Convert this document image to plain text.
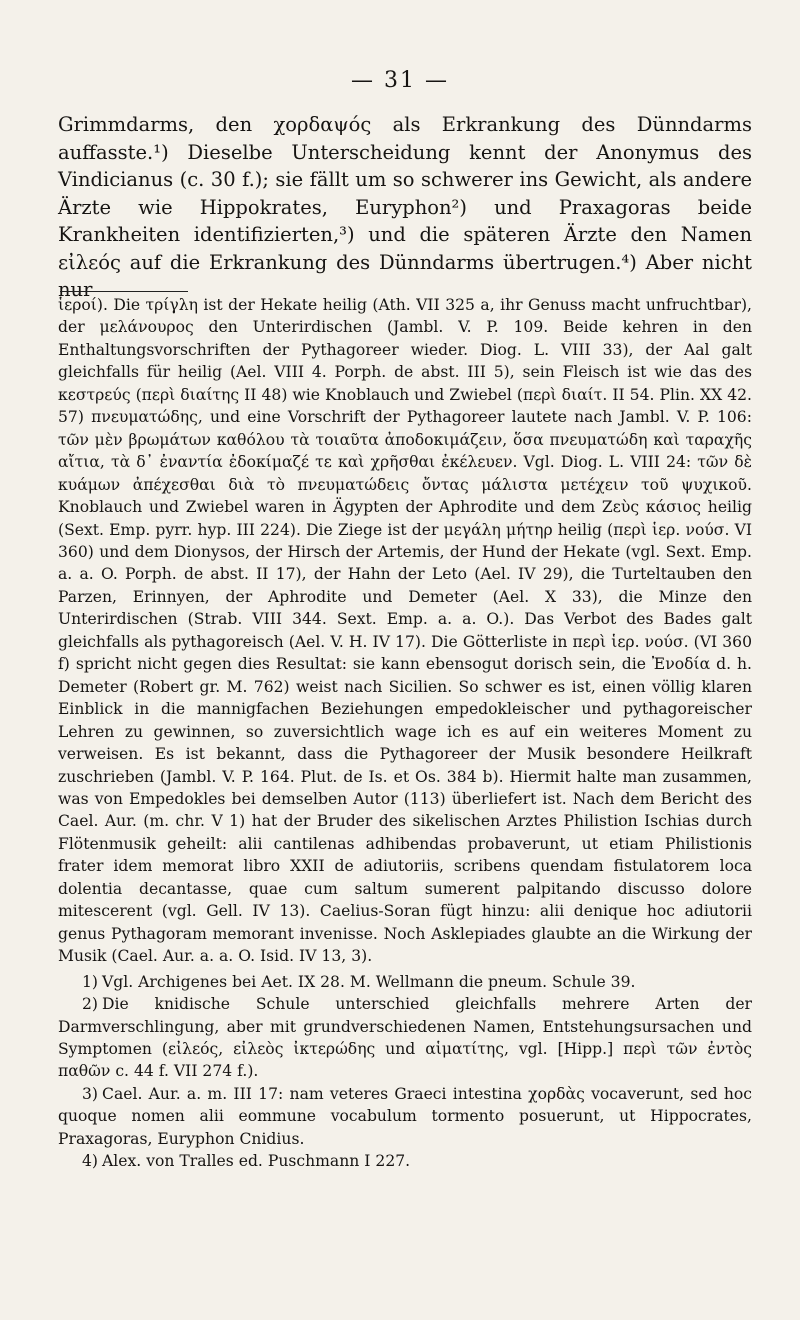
— 31 —

Grimmdarms, den χορδαψός als Erkrankung des Dünndarms auffasste.¹) Dieselbe Unterscheidung kennt der Anonymus des Vindicianus (c. 30 f.); sie fällt um so schwerer ins Gewicht, als andere Ärzte wie Hippokrates, Euryphon²) und Praxagoras beide Krankheiten identifizierten,³) und die späteren Ärzte den Namen εἰλεός auf die Erkrankung des Dünndarms übertrugen.⁴) Aber nicht nur

ἱεροί). Die τρίγλη ist der Hekate heilig (Ath. VII 325 a, ihr Genuss macht unfruchtbar), der μελάνουρος den Unterirdischen (Jambl. V. P. 109. Beide kehren in den Enthaltungsvorschriften der Pythagoreer wieder. Diog. L. VIII 33), der Aal galt gleichfalls für heilig (Ael. VIII 4. Porph. de abst. III 5), sein Fleisch ist wie das des κεστρεύς (περὶ διαίτης II 48) wie Knoblauch und Zwiebel (περὶ διαίτ. II 54. Plin. XX 42. 57) πνευματώδης, und eine Vorschrift der Pythagoreer lautete nach Jambl. V. P. 106: τῶν μὲν βρωμάτων καθόλου τὰ τοιαῦτα ἀποδοκιμάζειν, ὅσα πνευματώδη καὶ ταραχῆς αἴτια, τὰ δ᾽ ἐναντία ἐδοκίμαζέ τε καὶ χρῆσθαι ἐκέλευεν. Vgl. Diog. L. VIII 24: τῶν δὲ κυάμων ἀπέχεσθαι διὰ τὸ πνευματώδεις ὄντας μάλιστα μετέχειν τοῦ ψυχικοῦ. Knoblauch und Zwiebel waren in Ägypten der Aphrodite und dem Ζεὺς κάσιος heilig (Sext. Emp. pyrr. hyp. III 224). Die Ziege ist der μεγάλη μήτηρ heilig (περὶ ἱερ. νούσ. VI 360) und dem Dionysos, der Hirsch der Artemis, der Hund der Hekate (vgl. Sext. Emp. a. a. O. Porph. de abst. II 17), der Hahn der Leto (Ael. IV 29), die Turteltauben den Parzen, Erinnyen, der Aphrodite und Demeter (Ael. X 33), die Minze den Unterirdischen (Strab. VIII 344. Sext. Emp. a. a. O.). Das Verbot des Bades galt gleichfalls als pythagoreisch (Ael. V. H. IV 17). Die Götterliste in περὶ ἱερ. νούσ. (VI 360 f) spricht nicht gegen dies Resultat: sie kann ebensogut dorisch sein, die Ἐνοδία d. h. Demeter (Robert gr. M. 762) weist nach Sicilien. So schwer es ist, einen völlig klaren Einblick in die mannigfachen Beziehungen empedokleischer und pythagoreischer Lehren zu gewinnen, so zuversichtlich wage ich es auf ein weiteres Moment zu verweisen. Es ist bekannt, dass die Pythagoreer der Musik besondere Heilkraft zuschrieben (Jambl. V. P. 164. Plut. de Is. et Os. 384 b). Hiermit halte man zusammen, was von Empedokles bei demselben Autor (113) überliefert ist. Nach dem Bericht des Cael. Aur. (m. chr. V 1) hat der Bruder des sikelischen Arztes Philistion Ischias durch Flötenmusik geheilt: alii cantilenas adhibendas probaverunt, ut etiam Philistionis frater idem memorat libro XXII de adiutoriis, scribens quendam fistulatorem loca dolentia decantasse, quae cum saltum sumerent palpitando discusso dolore mitescerent (vgl. Gell. IV 13). Caelius-Soran fügt hinzu: alii denique hoc adiutorii genus Pythagoram memorant invenisse. Noch Asklepiades glaubte an die Wirkung der Musik (Cael. Aur. a. a. O. Isid. IV 13, 3).

1) Vgl. Archigenes bei Aet. IX 28. M. Wellmann die pneum. Schule 39.

2) Die knidische Schule unterschied gleichfalls mehrere Arten der Darmverschlingung, aber mit grundverschiedenen Namen, Entstehungsursachen und Symptomen (εἰλεός, εἰλεὸς ἰκτερώδης und αἱματίτης, vgl. [Hipp.] περὶ τῶν ἐντὸς παθῶν c. 44 f. VII 274 f.).

3) Cael. Aur. a. m. III 17: nam veteres Graeci intestina χορδὰς vocaverunt, sed hoc quoque nomen alii eommune vocabulum tormento posuerunt, ut Hippocrates, Praxagoras, Euryphon Cnidius.

4) Alex. von Tralles ed. Puschmann I 227.
